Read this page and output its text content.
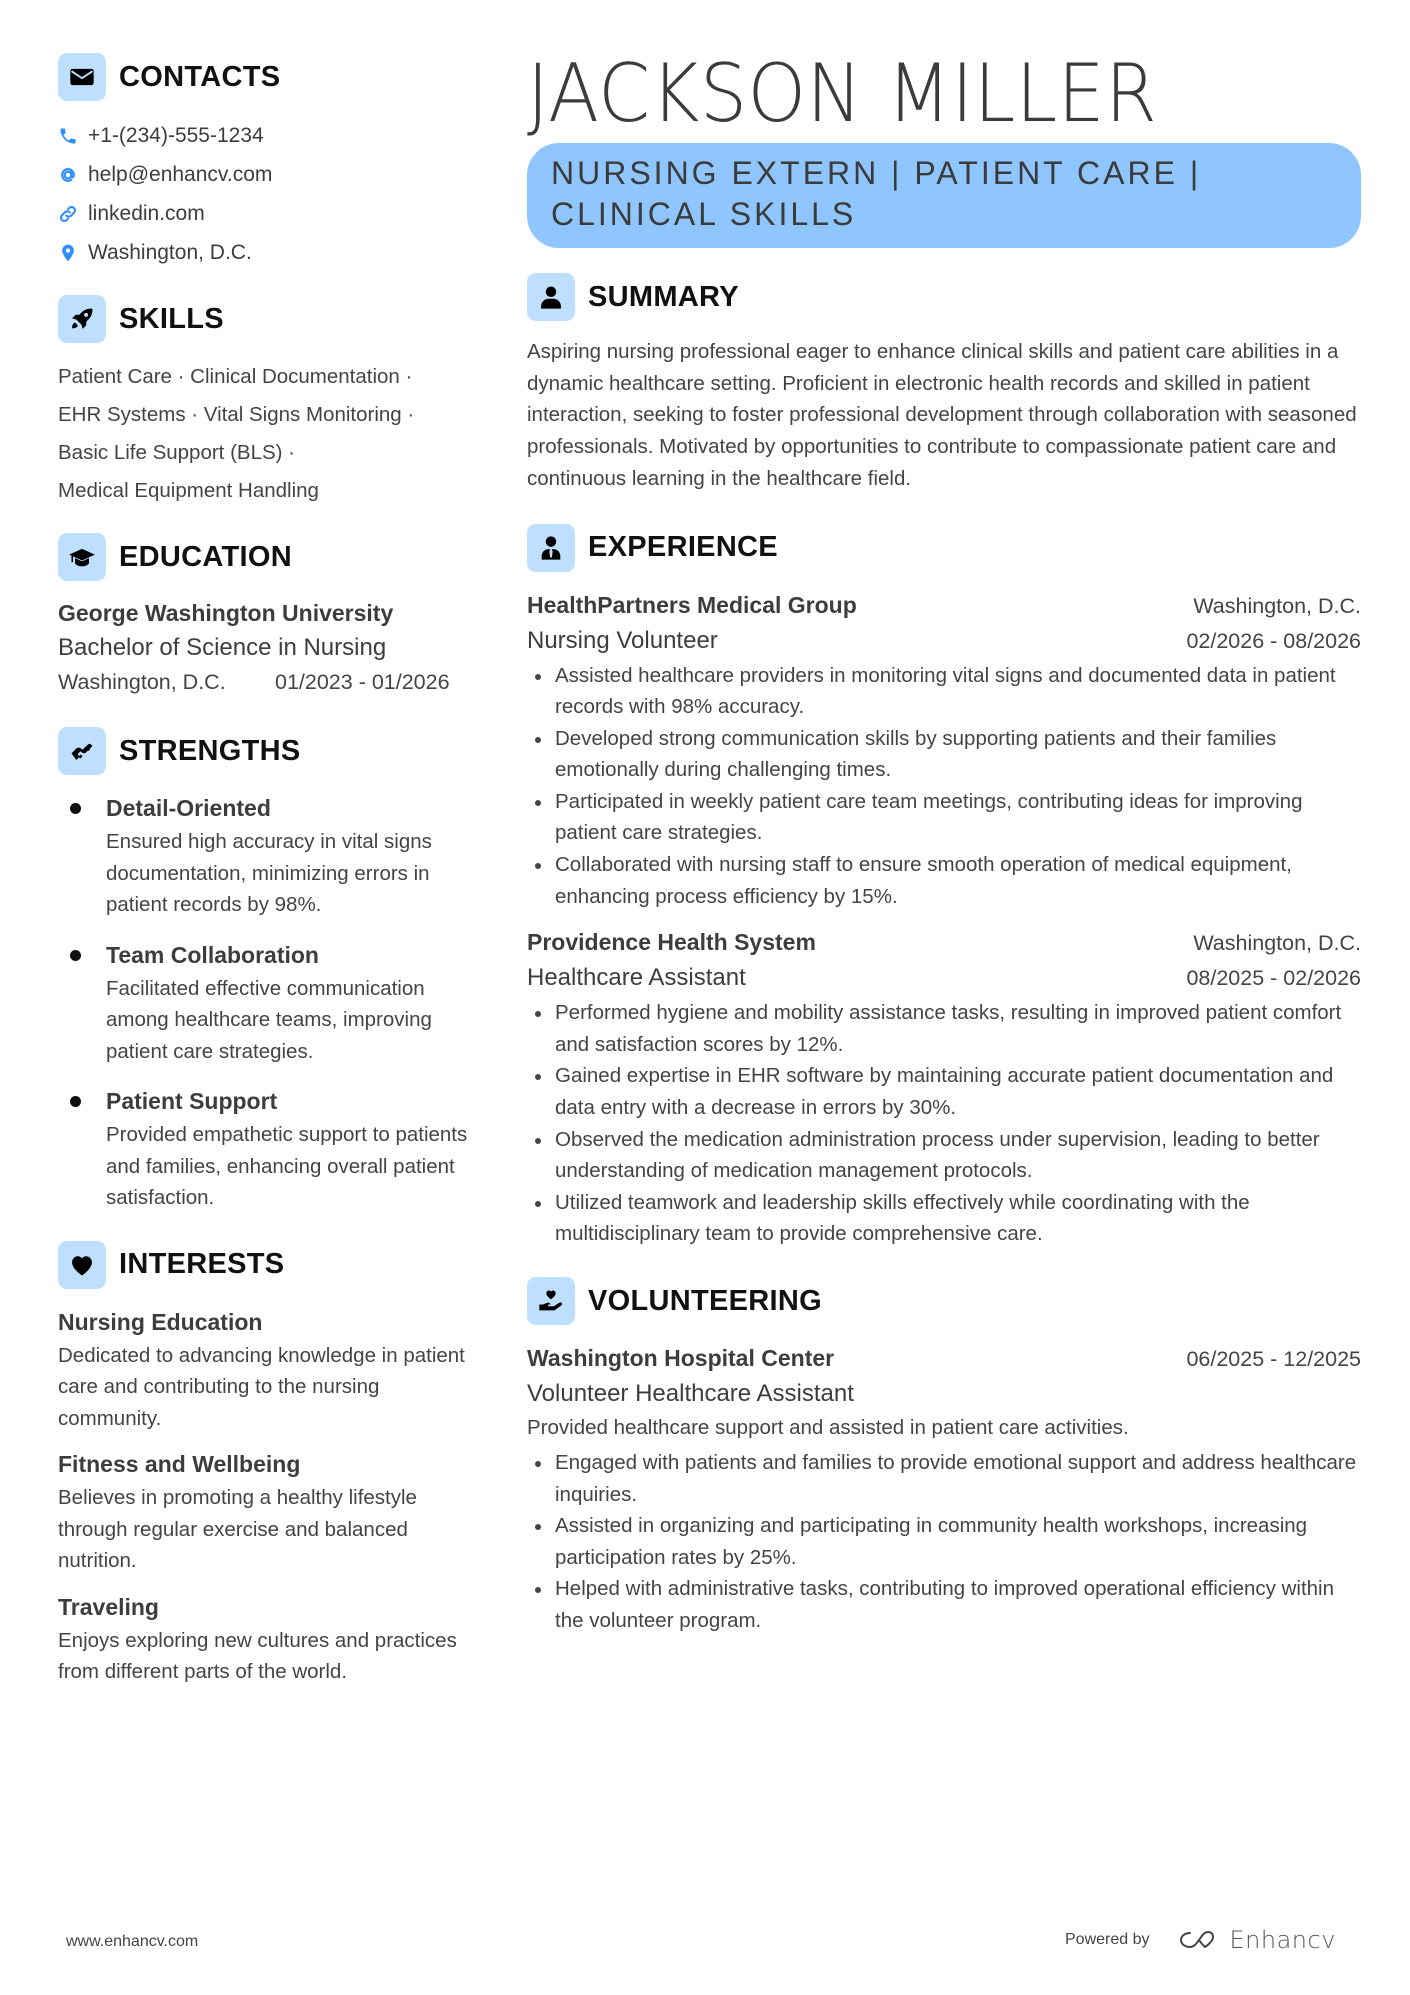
CONTACTS
+1-(234)-555-1234
help@enhancv.com
linkedin.com
Washington, D.C.
SKILLS
Patient Care · Clinical Documentation ·
EHR Systems · Vital Signs Monitoring ·
Basic Life Support (BLS) ·
Medical Equipment Handling
EDUCATION
George Washington University
Bachelor of Science in Nursing
Washington, D.C.	01/2023 - 01/2026
STRENGTHS
Detail-Oriented
Ensured high accuracy in vital signs documentation, minimizing errors in patient records by 98%.
Team Collaboration
Facilitated effective communication among healthcare teams, improving patient care strategies.
Patient Support
Provided empathetic support to patients and families, enhancing overall patient satisfaction.
INTERESTS
Nursing Education
Dedicated to advancing knowledge in patient care and contributing to the nursing community.
Fitness and Wellbeing
Believes in promoting a healthy lifestyle through regular exercise and balanced nutrition.
Traveling
Enjoys exploring new cultures and practices from different parts of the world.
JACKSON MILLER
NURSING EXTERN | PATIENT CARE |
CLINICAL SKILLS
SUMMARY

Aspiring nursing professional eager to enhance clinical skills and patient care abilities in a dynamic healthcare setting. Proficient in electronic health records and skilled in patient interaction, seeking to foster professional development through collaboration with seasoned professionals. Motivated by opportunities to contribute to compassionate patient care and continuous learning in the healthcare field.

EXPERIENCE
HealthPartners Medical Group	Washington, D.C.
Nursing Volunteer	02/2026 - 08/2026
Assisted healthcare providers in monitoring vital signs and documented data in patient records with 98% accuracy.
Developed strong communication skills by supporting patients and their families emotionally during challenging times.
Participated in weekly patient care team meetings, contributing ideas for improving patient care strategies.
Collaborated with nursing staff to ensure smooth operation of medical equipment, enhancing process efficiency by 15%.
Providence Health System	Washington, D.C.
Healthcare Assistant	08/2025 - 02/2026
Performed hygiene and mobility assistance tasks, resulting in improved patient comfort and satisfaction scores by 12%.
Gained expertise in EHR software by maintaining accurate patient documentation and data entry with a decrease in errors by 30%.
Observed the medication administration process under supervision, leading to better understanding of medication management protocols.
Utilized teamwork and leadership skills effectively while coordinating with the multidisciplinary team to provide comprehensive care.
VOLUNTEERING
Washington Hospital Center	06/2025 - 12/2025
Volunteer Healthcare Assistant
Provided healthcare support and assisted in patient care activities.
Engaged with patients and families to provide emotional support and address healthcare inquiries.
Assisted in organizing and participating in community health workshops, increasing participation rates by 25%.
Helped with administrative tasks, contributing to improved operational efficiency within the volunteer program.
www.enhancv.com	Powered by	Enhancv
